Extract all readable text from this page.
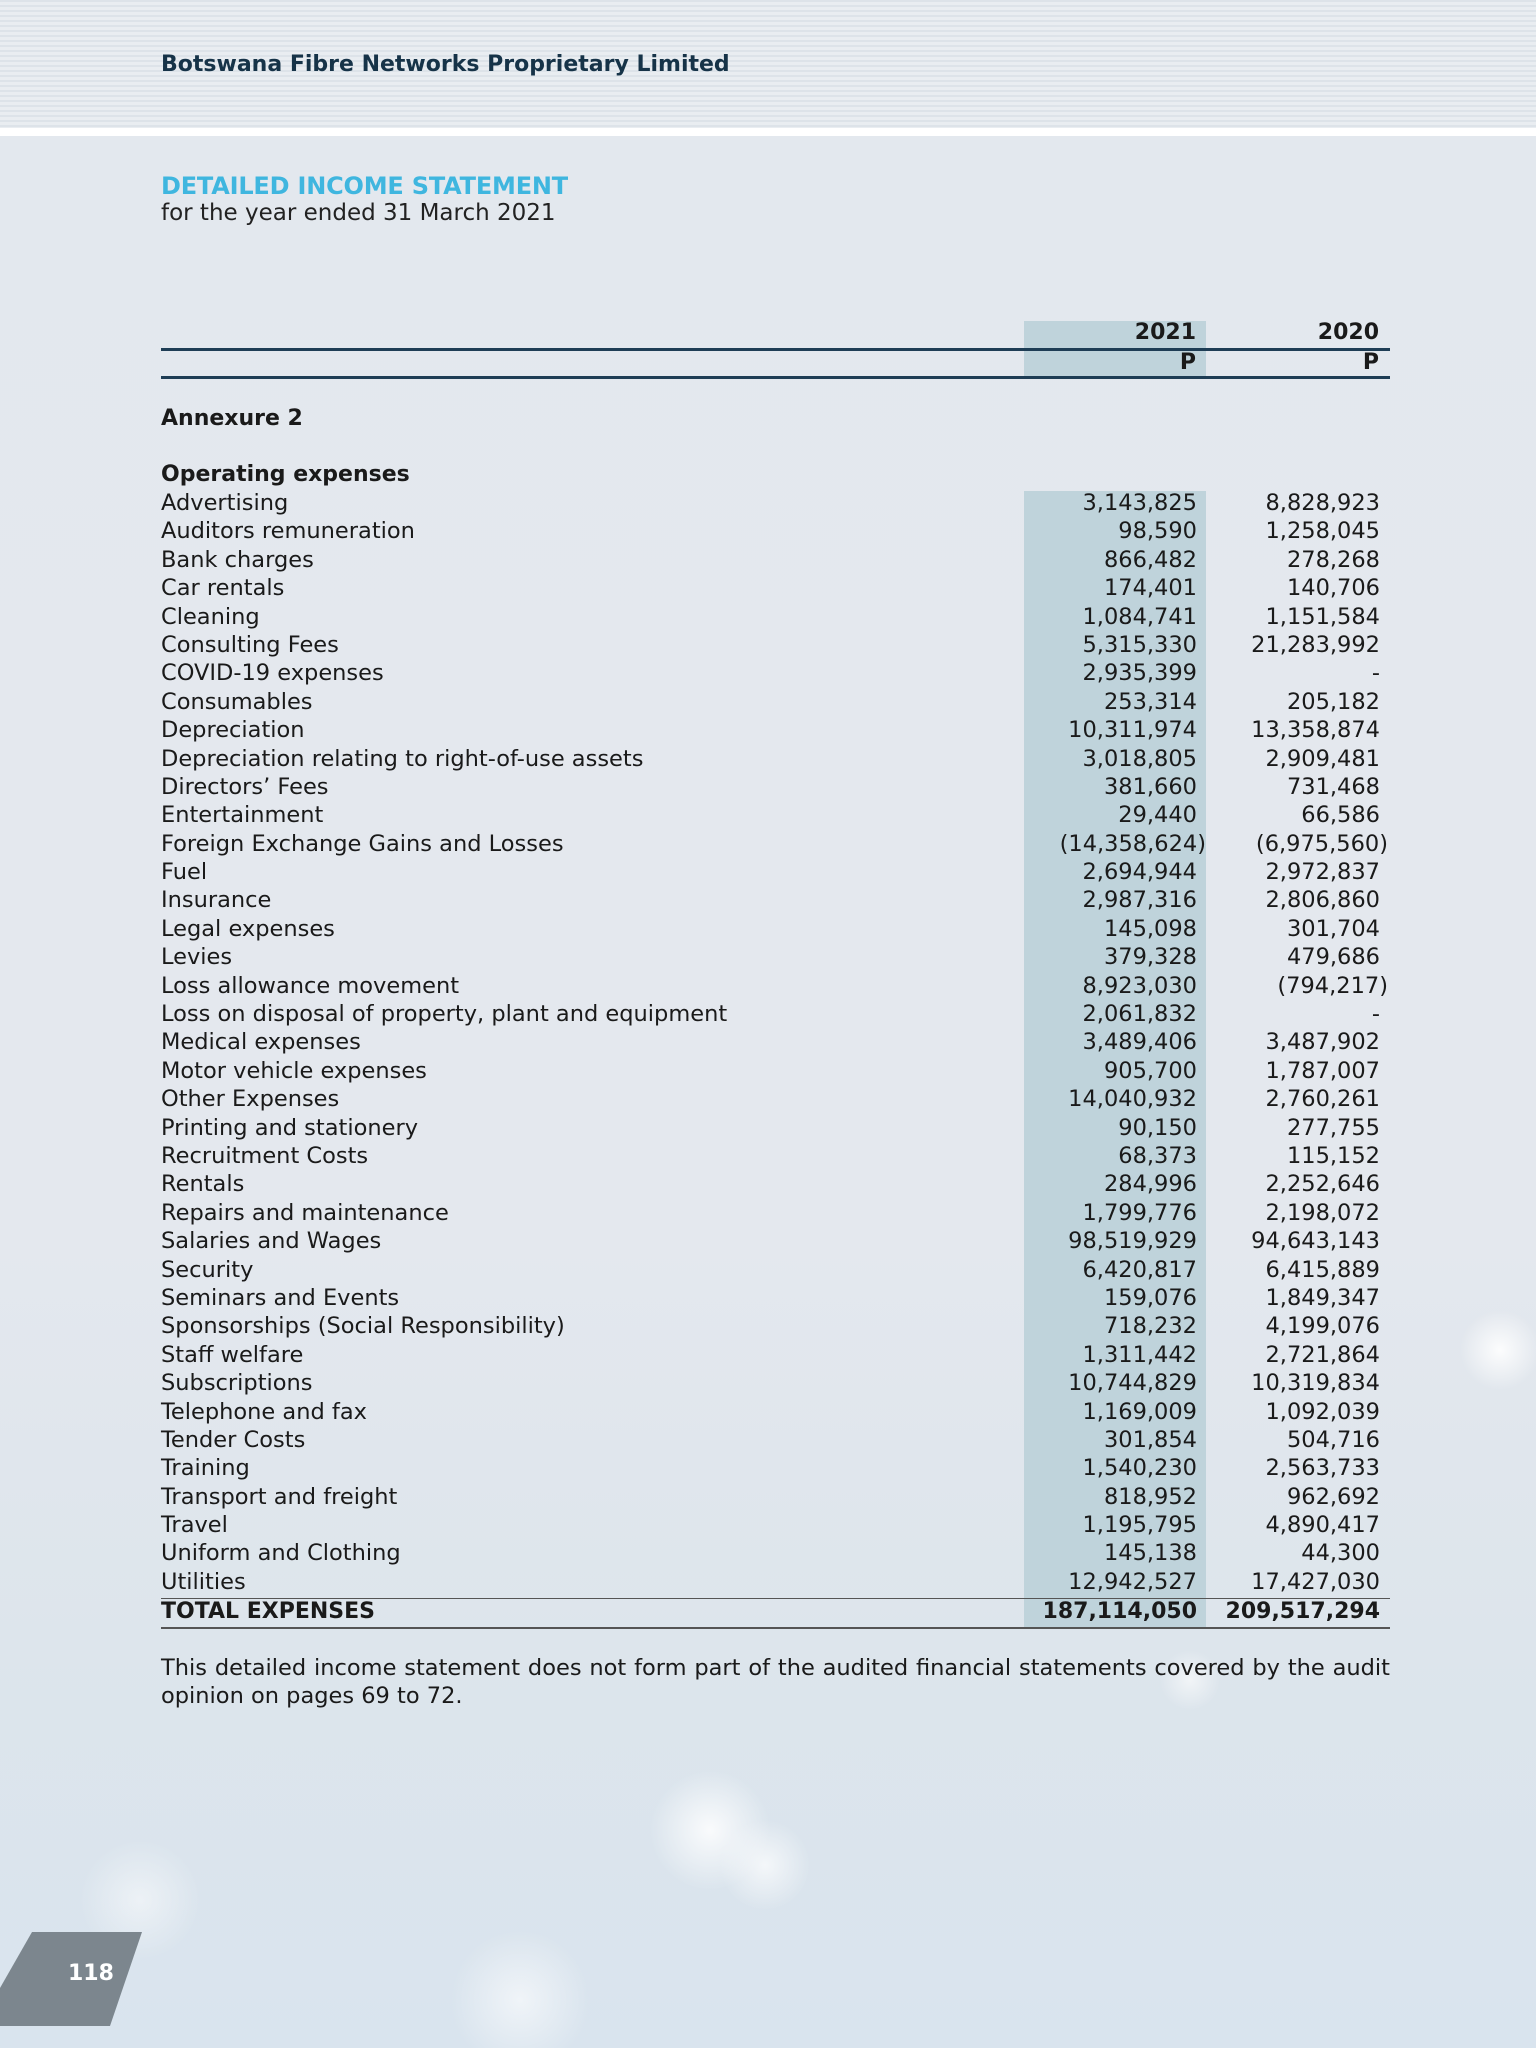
Botswana Fibre Networks Proprietary Limited
DETAILED INCOME STATEMENT
for the year ended 31 March 2021
2021	2020
P	P
Annexure 2
Operating expenses
Advertising	3,143,825	8,828,923
Auditors remuneration	98,590	1,258,045
Bank charges	866,482	278,268
Car rentals	174,401	140,706
Cleaning	1,084,741	1,151,584
Consulting Fees	5,315,330 21,283,992
COVID-19 expenses	2,935,399	-
Consumables	253,314	205,182
Depreciation	10,311,974 13,358,874
Depreciation relating to right-of-use assets	3,018,805	2,909,481
Directors’ Fees	381,660	731,468
Entertainment	29,440	66,586
Foreign Exchange Gains and Losses	(14,358,624) (6,975,560)
Fuel	2,694,944	2,972,837
Insurance	2,987,316	2,806,860
Legal expenses	145,098	301,704
Levies	379,328	479,686
Loss allowance movement	8,923,030	(794,217)
Loss on disposal of property, plant and equipment	2,061,832	-
Medical expenses	3,489,406	3,487,902
Motor vehicle expenses	905,700	1,787,007
Other Expenses	14,040,932	2,760,261
Printing and stationery	90,150	277,755
Recruitment Costs	68,373	115,152
Rentals	284,996	2,252,646
Repairs and maintenance	1,799,776	2,198,072
Salaries and Wages	98,519,929 94,643,143
Security	6,420,817	6,415,889
Seminars and Events	159,076	1,849,347
Sponsorships (Social Responsibility)	718,232	4,199,076
Staff welfare	1,311,442	2,721,864
Subscriptions	10,744,829 10,319,834
Telephone and fax	1,169,009	1,092,039
Tender Costs	301,854	504,716
Training	1,540,230	2,563,733
Transport and freight	818,952	962,692
Travel	1,195,795	4,890,417
Uniform and Clothing	145,138	44,300
Utilities	12,942,527 17,427,030
TOTAL EXPENSES	187,114,050 209,517,294
This detailed income statement does not form part of the audited financial statements covered by the audit opinion on pages 69 to 72.
118
